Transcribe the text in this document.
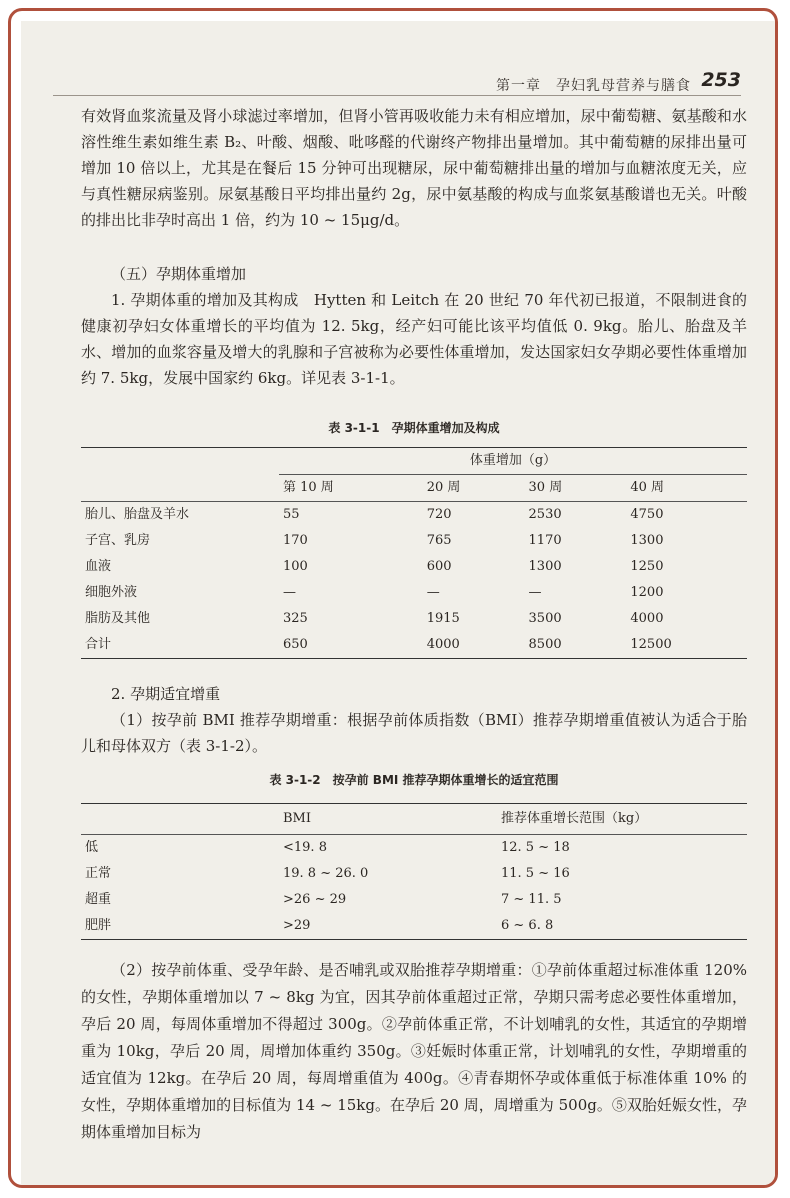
第一章　孕妇乳母营养与膳食 253

有效肾血浆流量及肾小球滤过率增加，但肾小管再吸收能力未有相应增加，尿中葡萄糖、氨基酸和水溶性维生素如维生素 B₂、叶酸、烟酸、吡哆醛的代谢终产物排出量增加。其中葡萄糖的尿排出量可增加 10 倍以上，尤其是在餐后 15 分钟可出现糖尿，尿中葡萄糖排出量的增加与血糖浓度无关，应与真性糖尿病鉴别。尿氨基酸日平均排出量约 2g，尿中氨基酸的构成与血浆氨基酸谱也无关。叶酸的排出比非孕时高出 1 倍，约为 10 ~ 15μg/d。

（五）孕期体重增加

1. 孕期体重的增加及其构成　Hytten 和 Leitch 在 20 世纪 70 年代初已报道，不限制进食的健康初孕妇女体重增长的平均值为 12. 5kg，经产妇可能比该平均值低 0. 9kg。胎儿、胎盘及羊水、增加的血浆容量及增大的乳腺和子宫被称为必要性体重增加，发达国家妇女孕期必要性体重增加约 7. 5kg，发展中国家约 6kg。详见表 3-1-1。

表 3-1-1　孕期体重增加及构成

	体重增加（g）			
	第 10 周	20 周	30 周	40 周
胎儿、胎盘及羊水	55	720	2530	4750
子宫、乳房	170	765	1170	1300
血液	100	600	1300	1250
细胞外液	—	—	—	1200
脂肪及其他	325	1915	3500	4000
合计	650	4000	8500	12500

2. 孕期适宜增重

（1）按孕前 BMI 推荐孕期增重：根据孕前体质指数（BMI）推荐孕期增重值被认为适合于胎儿和母体双方（表 3-1-2）。

表 3-1-2　按孕前 BMI 推荐孕期体重增长的适宜范围

	BMI	推荐体重增长范围（kg）
低	<19. 8	12. 5 ~ 18
正常	19. 8 ~ 26. 0	11. 5 ~ 16
超重	>26 ~ 29	7 ~ 11. 5
肥胖	>29	6 ~ 6. 8

（2）按孕前体重、受孕年龄、是否哺乳或双胎推荐孕期增重：①孕前体重超过标准体重 120% 的女性，孕期体重增加以 7 ~ 8kg 为宜，因其孕前体重超过正常，孕期只需考虑必要性体重增加，孕后 20 周，每周体重增加不得超过 300g。②孕前体重正常，不计划哺乳的女性，其适宜的孕期增重为 10kg，孕后 20 周，周增加体重约 350g。③妊娠时体重正常，计划哺乳的女性，孕期增重的适宜值为 12kg。在孕后 20 周，每周增重值为 400g。④青春期怀孕或体重低于标准体重 10% 的女性，孕期体重增加的目标值为 14 ~ 15kg。在孕后 20 周，周增重为 500g。⑤双胎妊娠女性，孕期体重增加目标为
